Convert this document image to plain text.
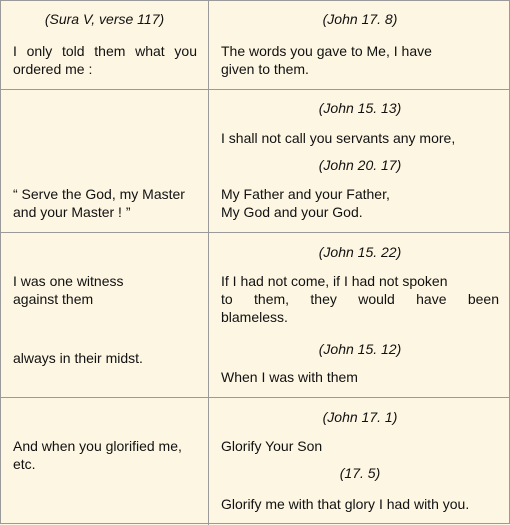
(Sura V, verse 117)
I only told them what you
ordered me :
(John 17. 8)
The words you gave to Me, I have
given to them.
“ Serve the God, my Master
and your Master ! ”
(John 15. 13)
I shall not call you servants any more,
(John 20. 17)
My Father and your Father,
My God and your God.
I was one witness
against them
always in their midst.
(John 15. 22)
If I had not come, if I had not spoken
to them, they would have been
blameless.
(John 15. 12)
When I was with them
And when you glorified me,
etc.
(John 17. 1)
Glorify Your Son
(17. 5)
Glorify me with that glory I had with you.
